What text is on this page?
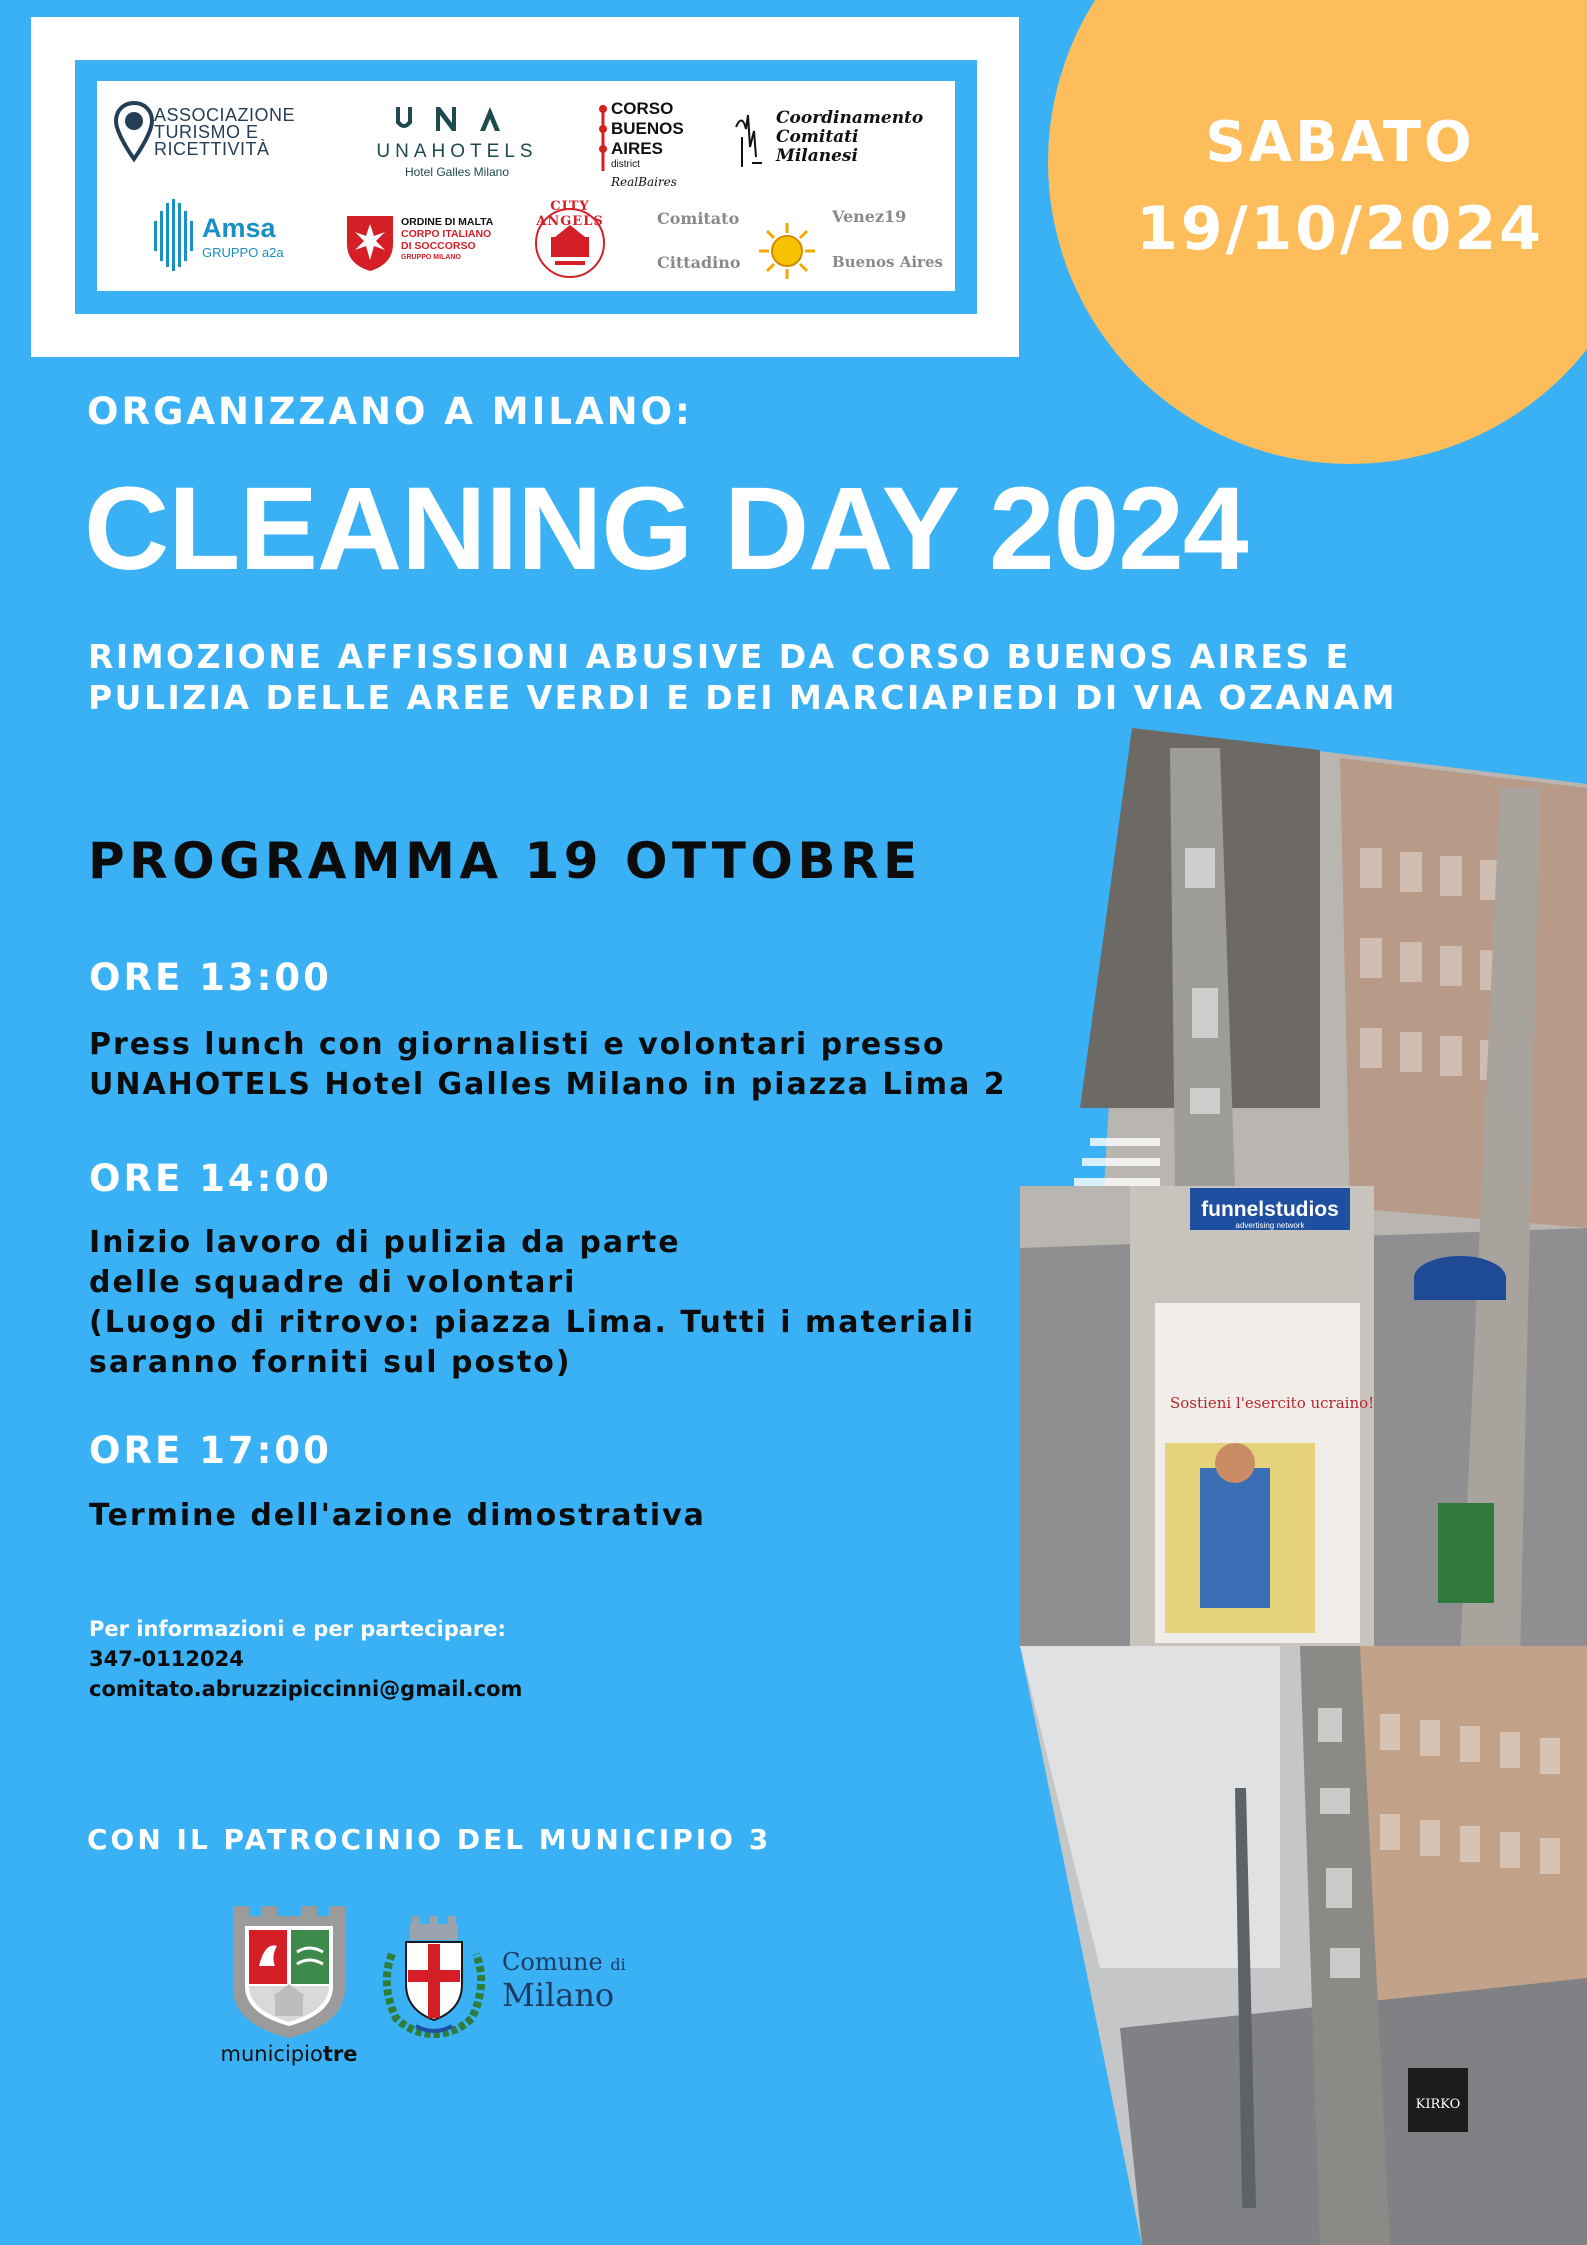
ASSOCIAZIONE
TURISMO E
RICETTIVITÀ	UNAHOTELS
Hotel Galles Milano
CORSO
BUENOS
AIRES
district
RealBaires
Coordinamento
Comitati
Milanesi
Amsa
GRUPPO a2a
ORDINE DI MALTA
CORPO ITALIANO
DI SOCCORSO
GRUPPO MILANO
CITY ANGELS	Comitato
Cittadino
Venez19
Buenos Aires
SABATO
19/10/2024
ORGANIZZANO A MILANO:
CLEANING DAY 2024
RIMOZIONE AFFISSIONI ABUSIVE DA CORSO BUENOS AIRES E
PULIZIA DELLE AREE VERDI E DEI MARCIAPIEDI DI VIA OZANAM
PROGRAMMA 19 OTTOBRE
ORE 13:00
Press lunch con giornalisti e volontari presso
UNAHOTELS Hotel Galles Milano in piazza Lima 2
ORE 14:00
Inizio lavoro di pulizia da parte
delle squadre di volontari
(Luogo di ritrovo: piazza Lima. Tutti i materiali
saranno forniti sul posto)
ORE 17:00
Termine dell'azione dimostrativa
Per informazioni e per partecipare:
347-0112024
comitato.abruzzipiccinni@gmail.com
CON IL PATROCINIO DEL MUNICIPIO 3
municipiotre
Comune di
Milano
funnelstudios
advertising network
Sostieni l'esercito ucraino!
KIRKO
